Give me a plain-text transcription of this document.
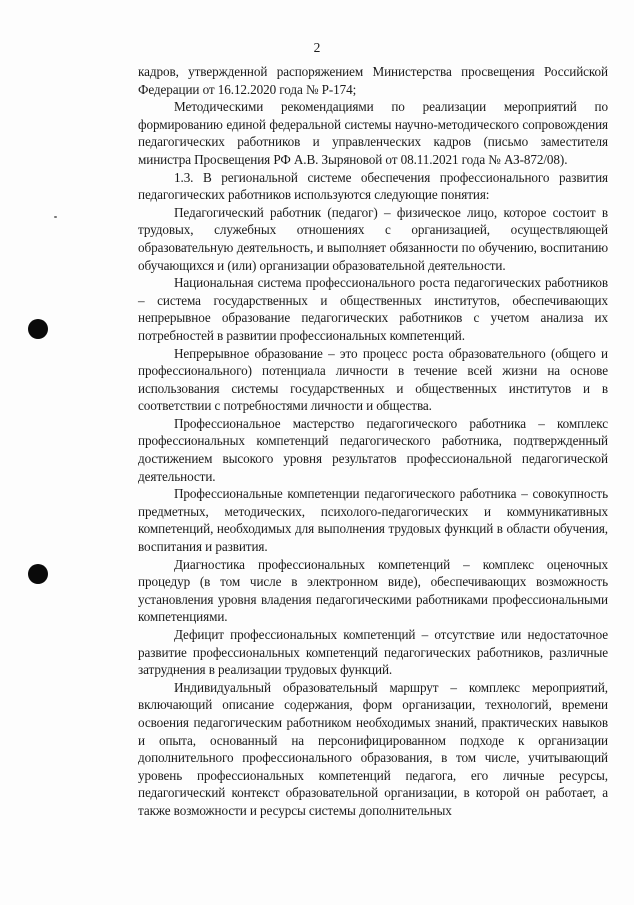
2

кадров, утвержденной распоряжением Министерства просвещения Российской Федерации от 16.12.2020 года № Р-174;

Методическими рекомендациями по реализации мероприятий по формированию единой федеральной системы научно-методического сопровождения педагогических работников и управленческих кадров (письмо заместителя министра Просвещения РФ А.В. Зыряновой от 08.11.2021 года № АЗ-872/08).

1.3. В региональной системе обеспечения профессионального развития педагогических работников используются следующие понятия:

Педагогический работник (педагог) – физическое лицо, которое состоит в трудовых, служебных отношениях с организацией, осуществляющей образовательную деятельность, и выполняет обязанности по обучению, воспитанию обучающихся и (или) организации образовательной деятельности.

Национальная система профессионального роста педагогических работников – система государственных и общественных институтов, обеспечивающих непрерывное образование педагогических работников с учетом анализа их потребностей в развитии профессиональных компетенций.

Непрерывное образование – это процесс роста образовательного (общего и профессионального) потенциала личности в течение всей жизни на основе использования системы государственных и общественных институтов и в соответствии с потребностями личности и общества.

Профессиональное мастерство педагогического работника – комплекс профессиональных компетенций педагогического работника, подтвержденный достижением высокого уровня результатов профессиональной педагогической деятельности.

Профессиональные компетенции педагогического работника – совокупность предметных, методических, психолого-педагогических и коммуникативных компетенций, необходимых для выполнения трудовых функций в области обучения, воспитания и развития.

Диагностика профессиональных компетенций – комплекс оценочных процедур (в том числе в электронном виде), обеспечивающих возможность установления уровня владения педагогическими работниками профессиональными компетенциями.

Дефицит профессиональных компетенций – отсутствие или недостаточное развитие профессиональных компетенций педагогических работников, различные затруднения в реализации трудовых функций.

Индивидуальный образовательный маршрут – комплекс мероприятий, включающий описание содержания, форм организации, технологий, времени освоения педагогическим работником необходимых знаний, практических навыков и опыта, основанный на персонифицированном подходе к организации дополнительного профессионального образования, в том числе, учитывающий уровень профессиональных компетенций педагога, его личные ресурсы, педагогический контекст образовательной организации, в которой он работает, а также возможности и ресурсы системы дополнительных
